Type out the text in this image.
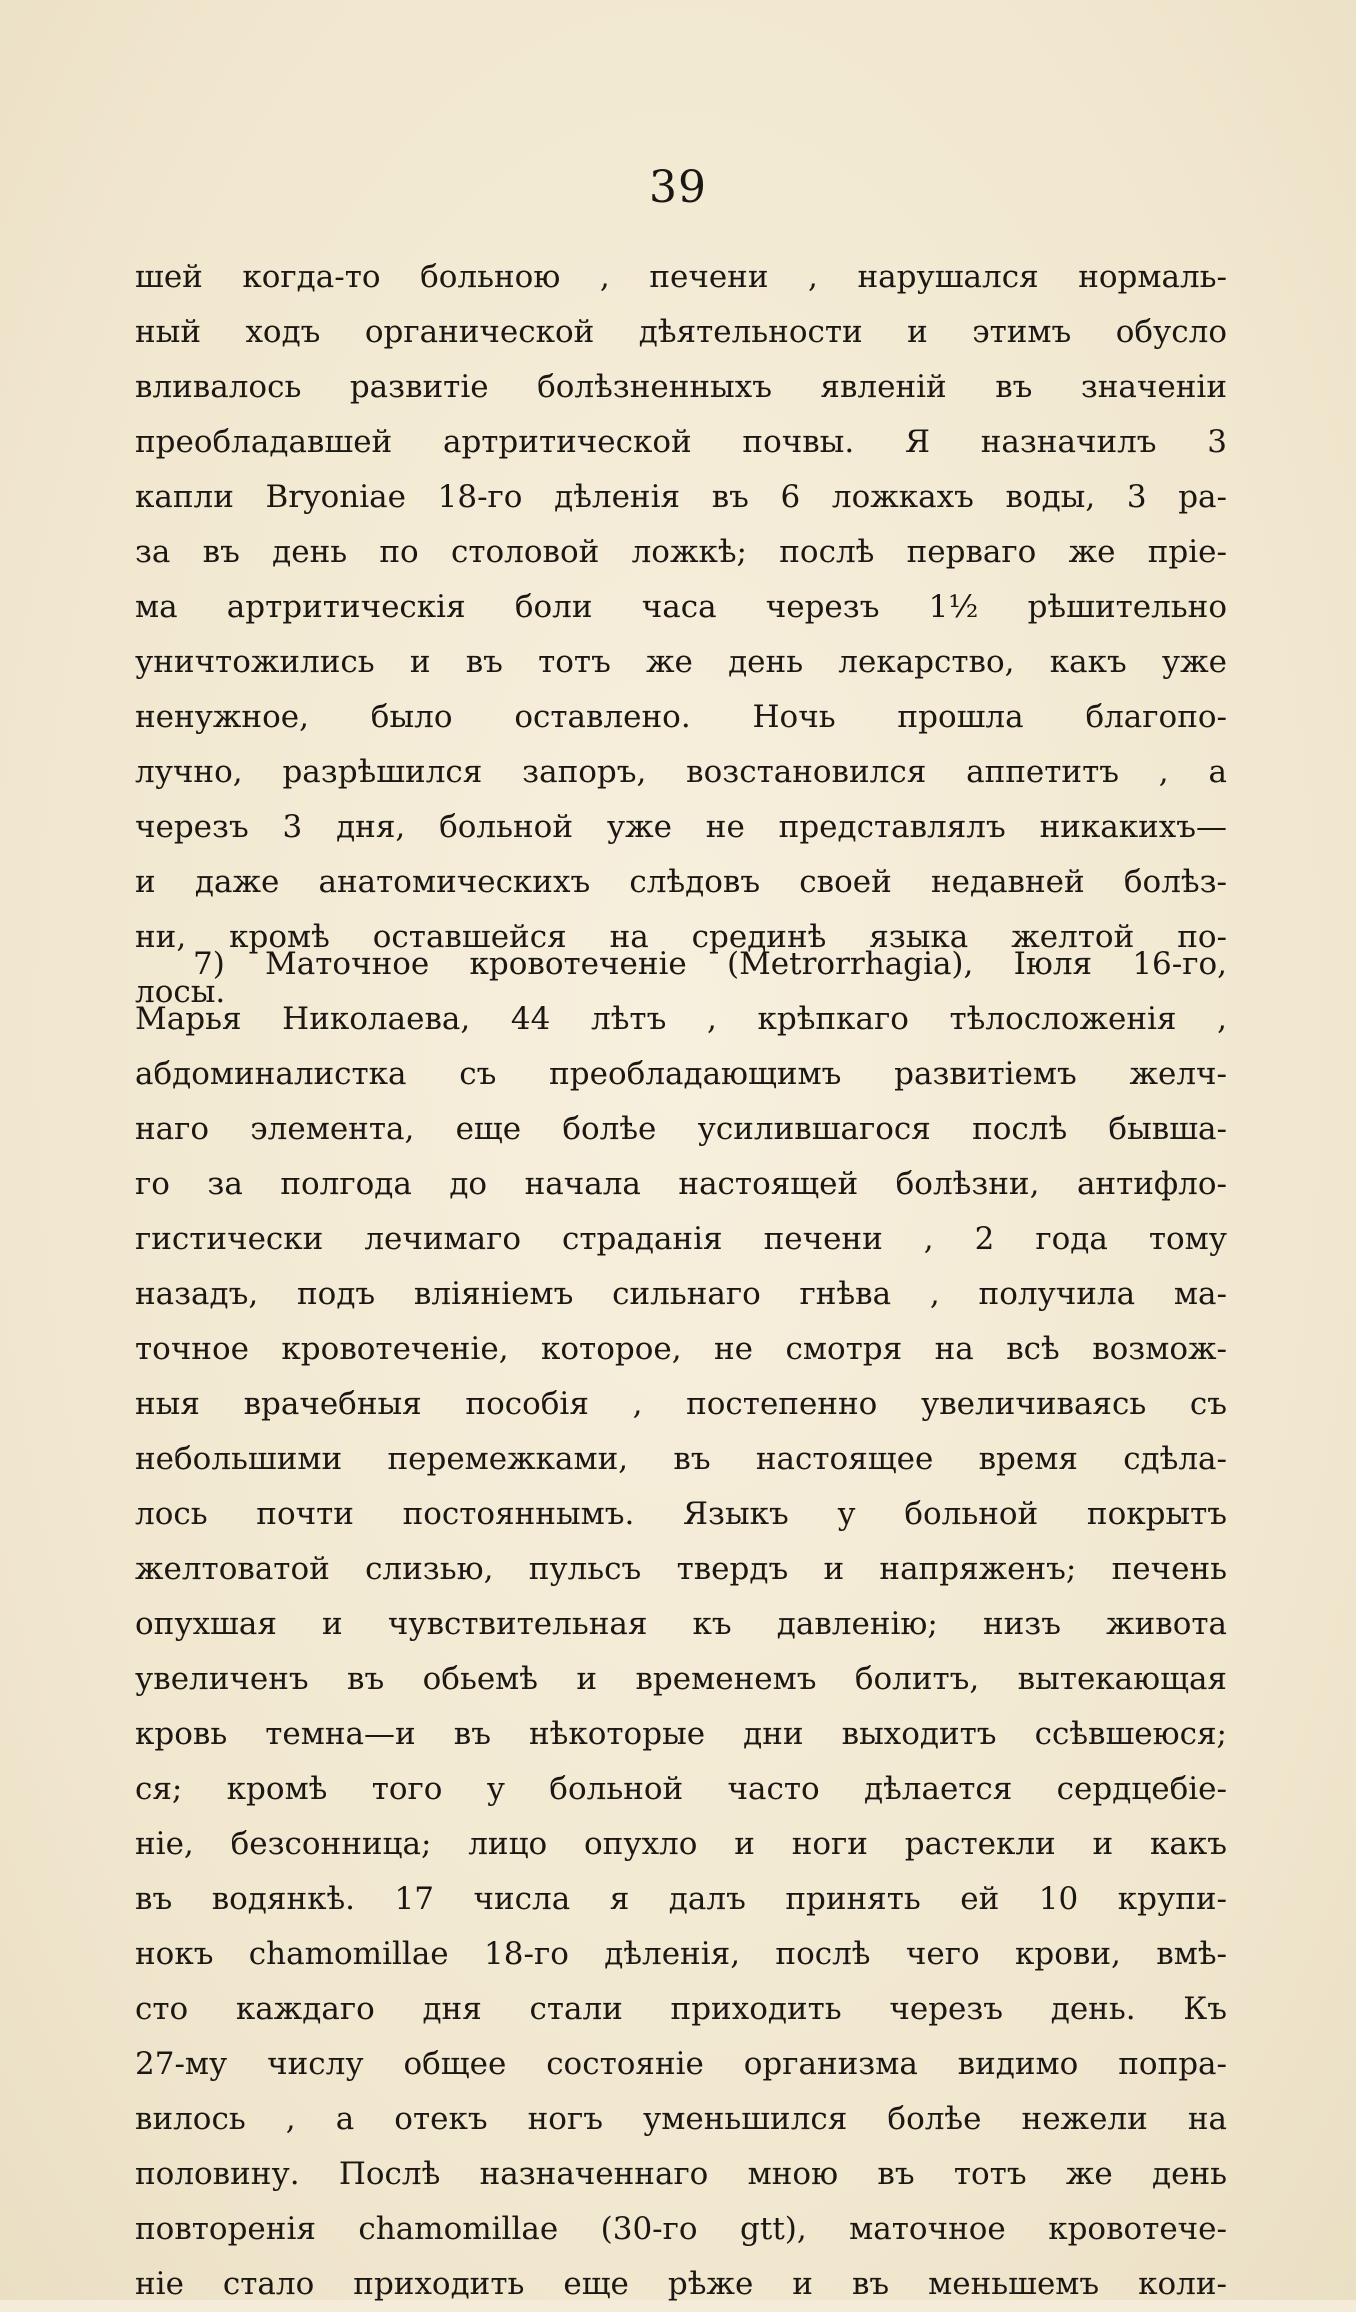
39
шей когда-то больною , печени , нарушался нормаль-
ный ходъ органической дѣятельности и этимъ обусло
вливалось развитіе болѣзненныхъ явленій въ значеніи
преобладавшей артритической почвы. Я назначилъ 3
капли Bryoniae 18-го дѣленія въ 6 ложкахъ воды, 3 ра-
за въ день по столовой ложкѣ; послѣ перваго же пріе-
ма артритическія боли часа черезъ 1½ рѣшительно
уничтожились и въ тотъ же день лекарство, какъ уже
ненужное, было оставлено. Ночь прошла благопо-
лучно, разрѣшился запоръ, возстановился аппетитъ , а
черезъ 3 дня, больной уже не представлялъ никакихъ—
и даже анатомическихъ слѣдовъ своей недавней болѣз-
ни, кромѣ оставшейся на срединѣ языка желтой по-
лосы.
7) Маточное кровотеченіе (Metrorrhagia), Іюля 16-го,
Марья Николаева, 44 лѣтъ , крѣпкаго тѣлосложенія ,
абдоминалистка съ преобладающимъ развитіемъ желч-
наго элемента, еще болѣе усилившагося послѣ бывша-
го за полгода до начала настоящей болѣзни, антифло-
гистически лечимаго страданія печени , 2 года тому
назадъ, подъ вліяніемъ сильнаго гнѣва , получила ма-
точное кровотеченіе, которое, не смотря на всѣ возмож-
ныя врачебныя пособія , постепенно увеличиваясь съ
небольшими перемежками, въ настоящее время сдѣла-
лось почти постояннымъ. Языкъ у больной покрытъ
желтоватой слизью, пульсъ твердъ и напряженъ; печень
опухшая и чувствительная къ давленію; низъ живота
увеличенъ въ обьемѣ и временемъ болитъ, вытекающая
кровь темна—и въ нѣкоторые дни выходитъ ссѣвшеюся;
ся; кромѣ того у больной часто дѣлается сердцебіе-
ніе, безсонница; лицо опухло и ноги растекли и какъ
въ водянкѣ. 17 числа я далъ принять ей 10 крупи-
нокъ chamomillae 18-го дѣленія, послѣ чего крови, вмѣ-
сто каждаго дня стали приходить черезъ день. Къ
27-му числу общее состояніе организма видимо попра-
вилось , а отекъ ногъ уменьшился болѣе нежели на
половину. Послѣ назначеннаго мною въ тотъ же день
повторенія chamomillae (30-го gtt), маточное кровотече-
ніе стало приходить еще рѣже и въ меньшемъ коли-
